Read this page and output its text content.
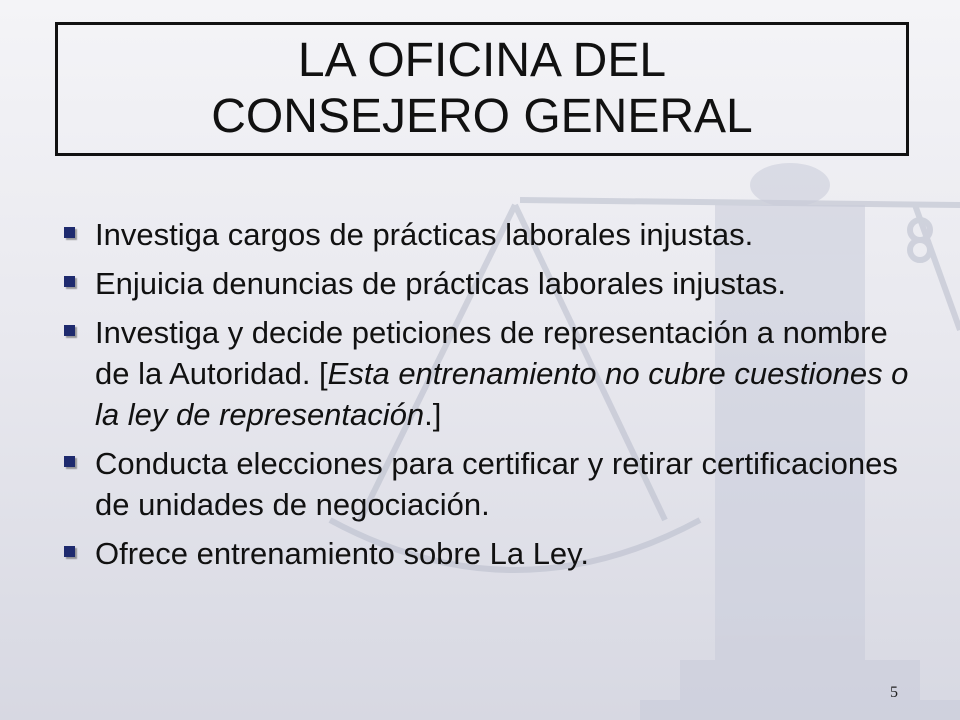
LA OFICINA DEL
CONSEJERO GENERAL
Investiga cargos de prácticas laborales injustas.
Enjuicia denuncias de prácticas laborales injustas.
Investiga y decide peticiones de representación a nombre de la Autoridad. [Esta entrenamiento no cubre cuestiones o la ley de representación.]
Conducta elecciones para certificar y retirar certificaciones de unidades de negociación.
Ofrece entrenamiento sobre La Ley.
5
